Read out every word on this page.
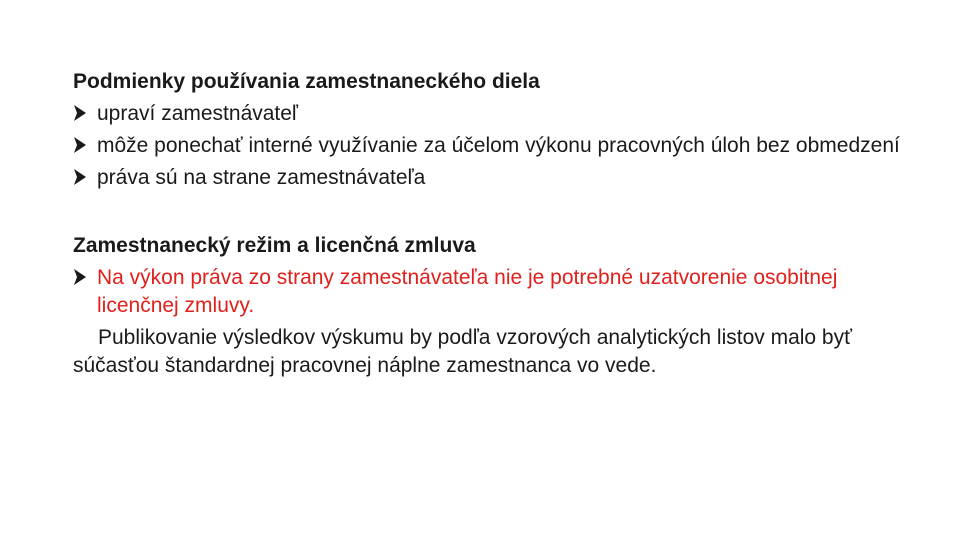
Podmienky používania zamestnaneckého diela

upraví zamestnávateľ
môže ponechať interné využívanie za účelom výkonu pracovných úloh bez obmedzení
práva sú na strane zamestnávateľa

Zamestnanecký režim a licenčná zmluva

Na výkon práva zo strany zamestnávateľa nie je potrebné uzatvorenie osobitnej licenčnej zmluvy.

Publikovanie výsledkov výskumu by podľa vzorových analytických listov malo byť súčasťou štandardnej pracovnej náplne zamestnanca vo vede.
